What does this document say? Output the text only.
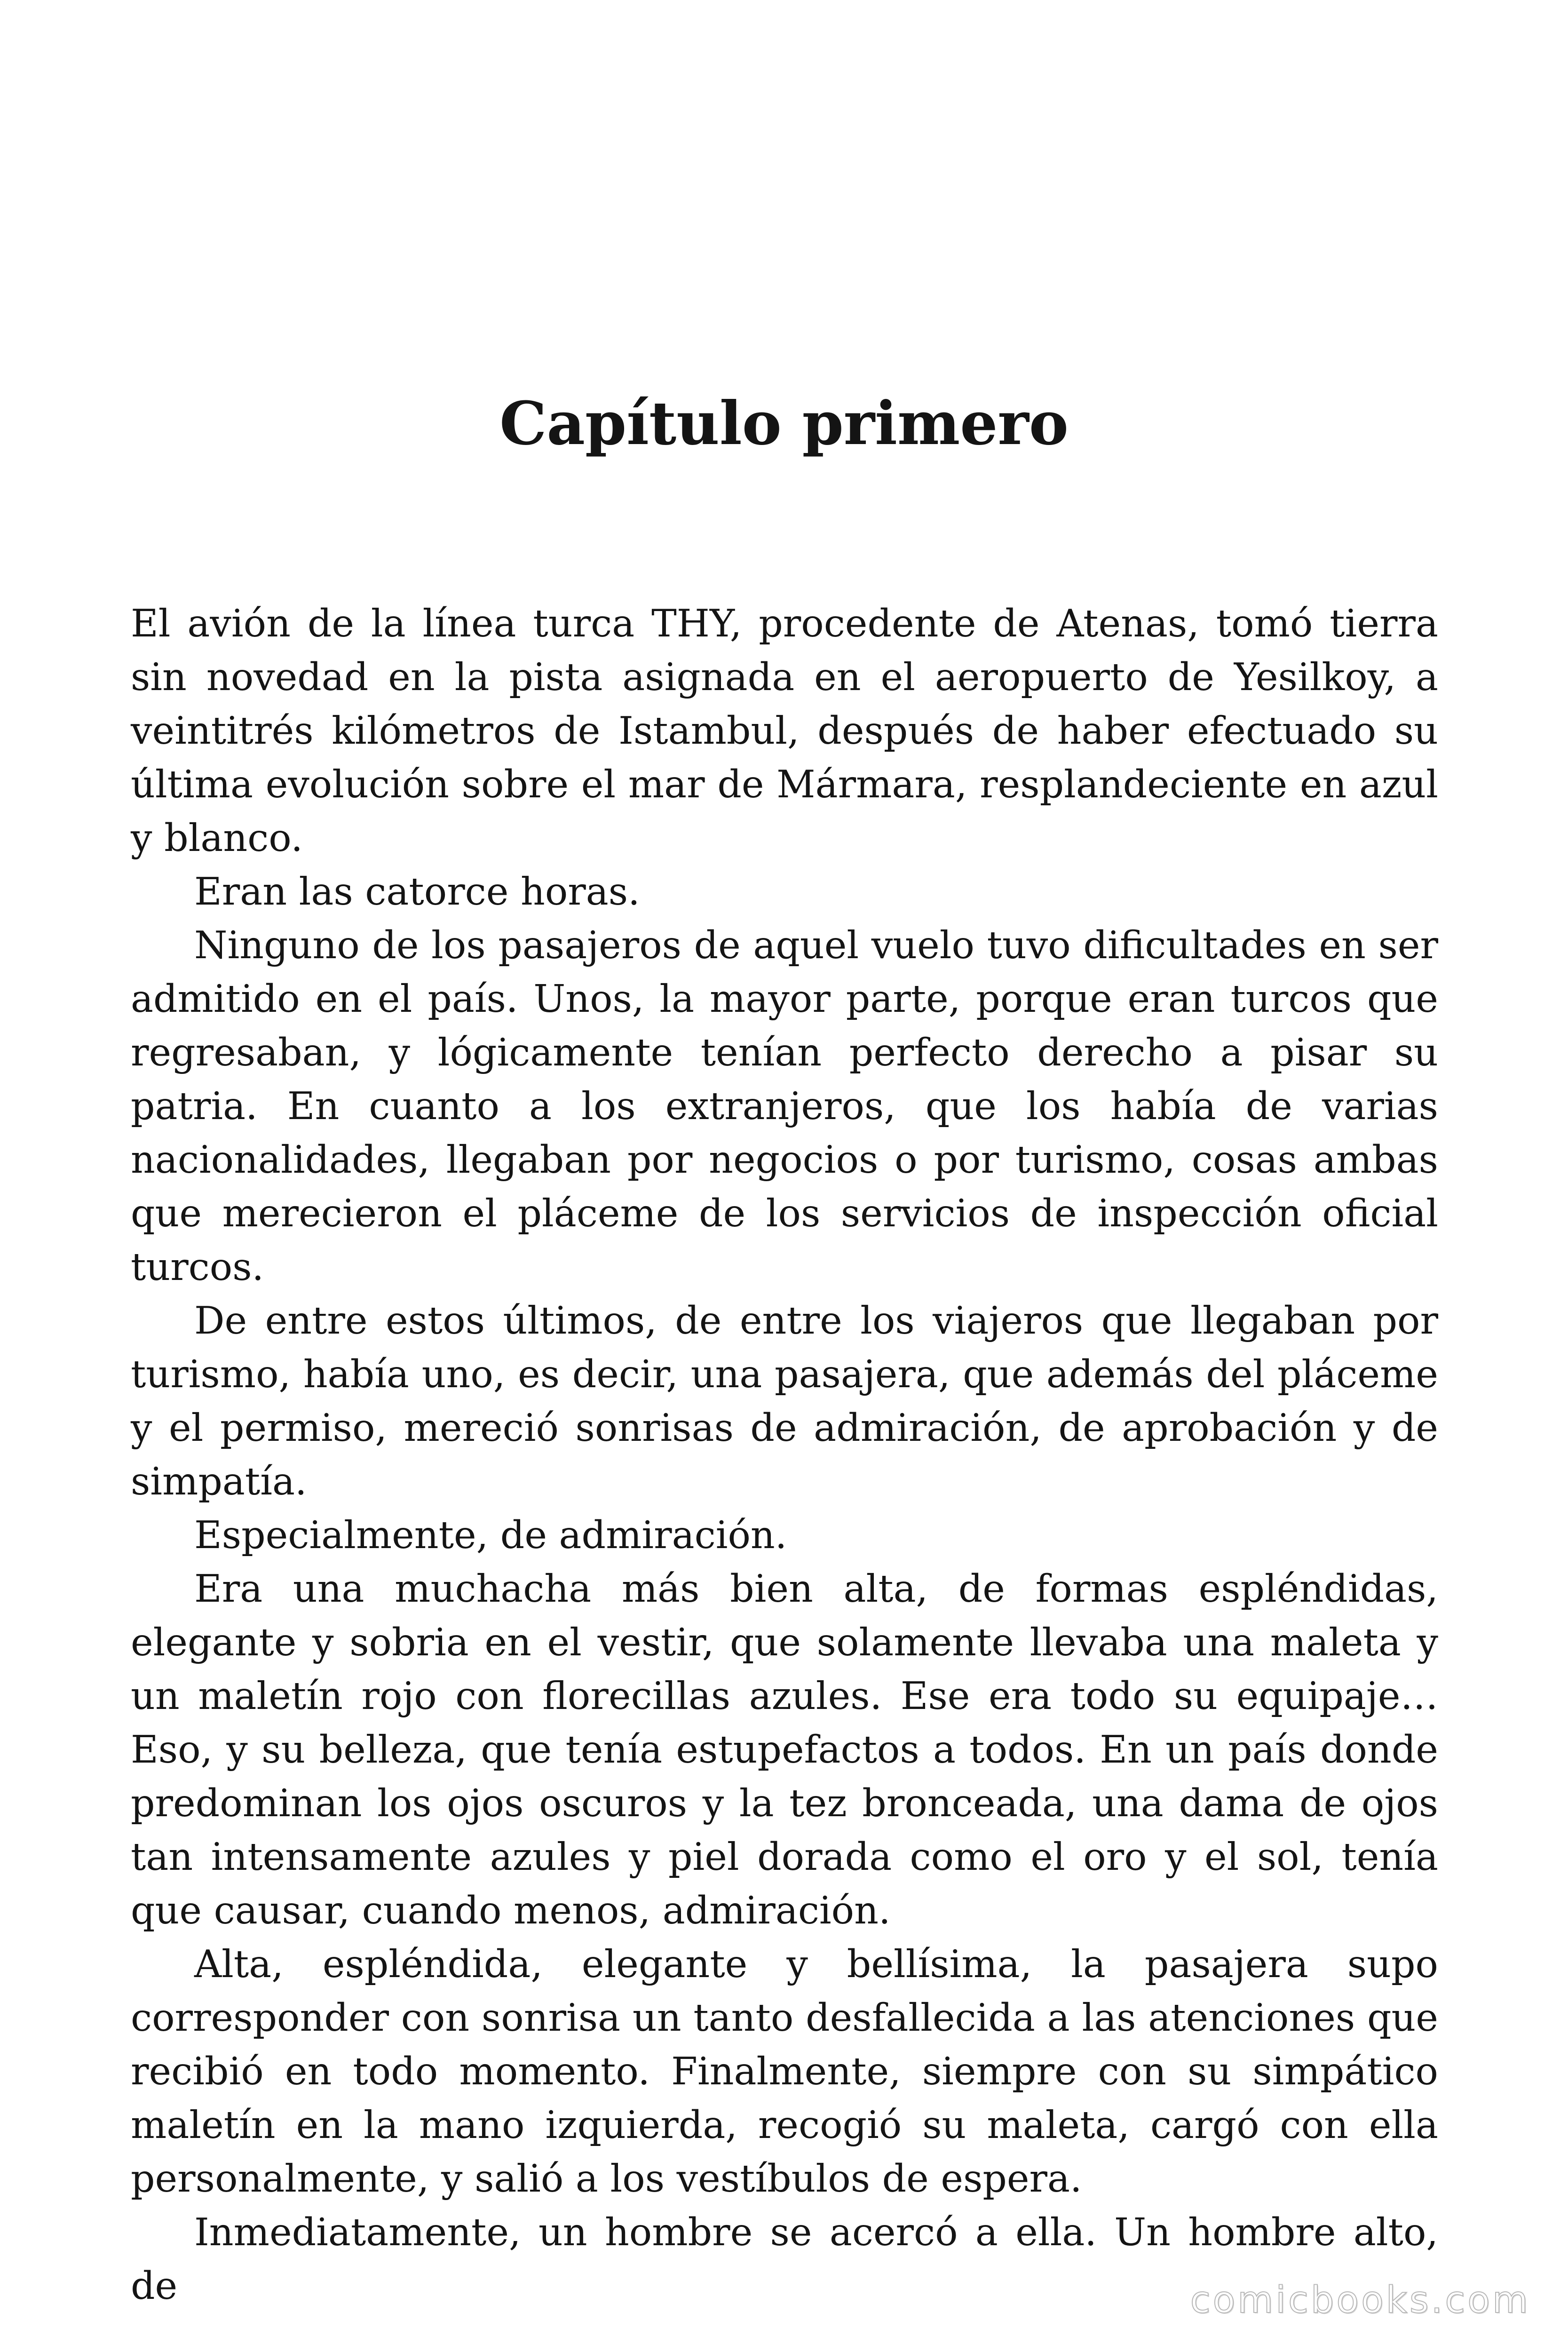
Capítulo primero

El avión de la línea turca THY, procedente de Atenas, tomó tierra sin novedad en la pista asignada en el aeropuerto de Yesilkoy, a veintitrés kilómetros de Istambul, después de haber efectuado su última evolución sobre el mar de Mármara, resplandeciente en azul y blanco.

Eran las catorce horas.

Ninguno de los pasajeros de aquel vuelo tuvo dificultades en ser admitido en el país. Unos, la mayor parte, porque eran turcos que regresaban, y lógicamente tenían perfecto derecho a pisar su patria. En cuanto a los extranjeros, que los había de varias nacionalidades, llegaban por negocios o por turismo, cosas ambas que merecieron el pláceme de los servicios de inspección oficial turcos.

De entre estos últimos, de entre los viajeros que llegaban por turismo, había uno, es decir, una pasajera, que además del pláceme y el permiso, mereció sonrisas de admiración, de aprobación y de simpatía.

Especialmente, de admiración.

Era una muchacha más bien alta, de formas espléndidas, elegante y sobria en el vestir, que solamente llevaba una maleta y un maletín rojo con florecillas azules. Ese era todo su equipaje… Eso, y su belleza, que tenía estupefactos a todos. En un país donde predominan los ojos oscuros y la tez bronceada, una dama de ojos tan intensamente azules y piel dorada como el oro y el sol, tenía que causar, cuando menos, admiración.

Alta, espléndida, elegante y bellísima, la pasajera supo corresponder con sonrisa un tanto desfallecida a las atenciones que recibió en todo momento. Finalmente, siempre con su simpático maletín en la mano izquierda, recogió su maleta, cargó con ella personalmente, y salió a los vestíbulos de espera.

Inmediatamente, un hombre se acercó a ella. Un hombre alto, de	comicbooks.com
